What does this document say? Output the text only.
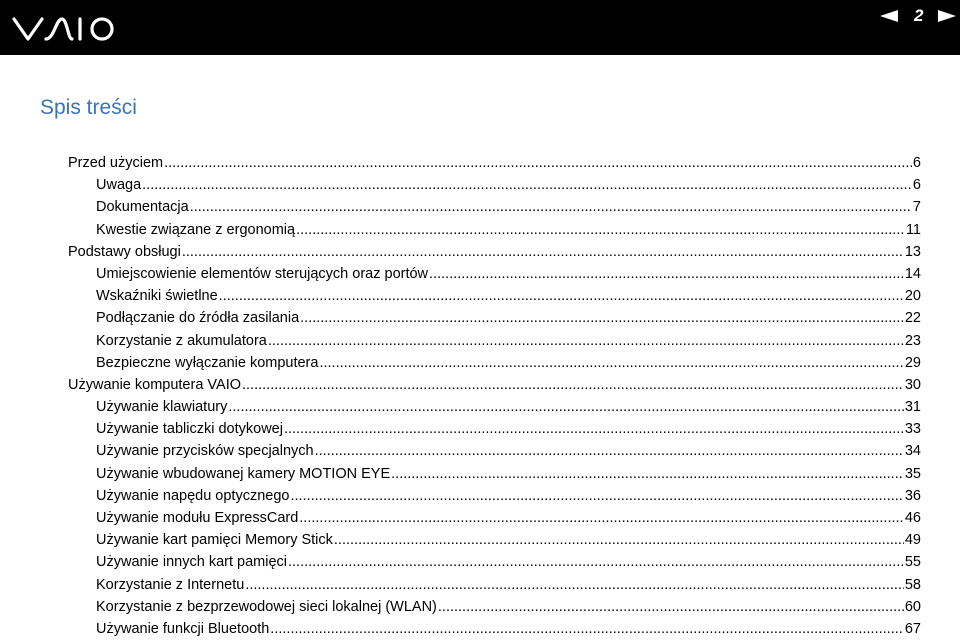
2
Spis treści
Przed użyciem .....	6
Uwaga .....	6
Dokumentacja .....	7
Kwestie związane z ergonomią .....	11
Podstawy obsługi .....	13
Umiejscowienie elementów sterujących oraz portów .....	14
Wskaźniki świetlne .....	20
Podłączanie do źródła zasilania .....	22
Korzystanie z akumulatora .....	23
Bezpieczne wyłączanie komputera .....	29
Używanie komputera VAIO .....	30
Używanie klawiatury .....	31
Używanie tabliczki dotykowej .....	33
Używanie przycisków specjalnych .....	34
Używanie wbudowanej kamery MOTION EYE .....	35
Używanie napędu optycznego .....	36
Używanie modułu ExpressCard .....	46
Używanie kart pamięci Memory Stick .....	49
Używanie innych kart pamięci .....	55
Korzystanie z Internetu .....	58
Korzystanie z bezprzewodowej sieci lokalnej (WLAN) .....	60
Używanie funkcji Bluetooth .....	67
